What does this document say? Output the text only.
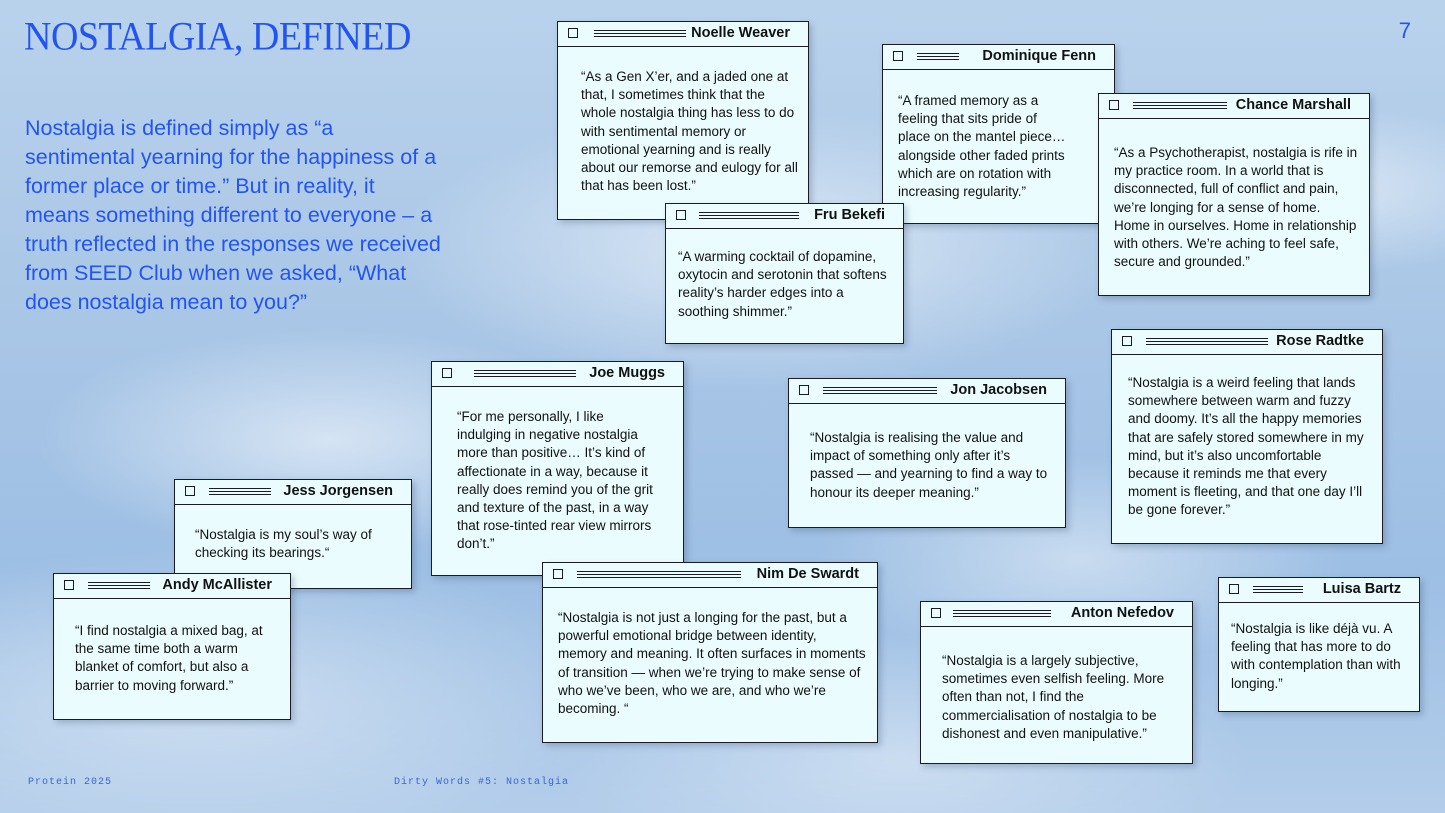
NOSTALGIA, DEFINED	7

Nostalgia is defined simply as “a sentimental yearning for the happiness of a former place or time.” But in reality, it means something different to everyone – a truth reflected in the responses we received from SEED Club when we asked, “What does nostalgia mean to you?”

Noelle Weaver

“As a Gen X’er, and a jaded one at that, I sometimes think that the whole nostalgia thing has less to do with sentimental memory or emotional yearning and is really about our remorse and eulogy for all that has been lost.”

Dominique Fenn

“A framed memory as a feeling that sits pride of place on the mantel piece… alongside other faded prints which are on rotation with increasing regularity.”

Chance Marshall

“As a Psychotherapist, nostalgia is rife in my practice room. In a world that is disconnected, full of conflict and pain, we’re longing for a sense of home. Home in ourselves. Home in relationship with others. We’re aching to feel safe, secure and grounded.”

Fru Bekefi

“A warming cocktail of dopamine, oxytocin and serotonin that softens reality’s harder edges into a soothing shimmer.”

Rose Radtke

“Nostalgia is a weird feeling that lands somewhere between warm and fuzzy and doomy. It’s all the happy memories that are safely stored somewhere in my mind, but it’s also uncomfortable because it reminds me that every moment is fleeting, and that one day I’ll be gone forever.”

Joe Muggs

“For me personally, I like indulging in negative nostalgia more than positive… It’s kind of affectionate in a way, because it really does remind you of the grit and texture of the past, in a way that rose-tinted rear view mirrors don’t.”

Jon Jacobsen

“Nostalgia is realising the value and impact of something only after it’s passed — and yearning to find a way to honour its deeper meaning.”

Jess Jorgensen

“Nostalgia is my soul’s way of checking its bearings.“

Andy McAllister

“I find nostalgia a mixed bag, at the same time both a warm blanket of comfort, but also a barrier to moving forward.”

Nim De Swardt

“Nostalgia is not just a longing for the past, but a powerful emotional bridge between identity, memory and meaning. It often surfaces in moments of transition — when we’re trying to make sense of who we’ve been, who we are, and who we’re becoming. “

Anton Nefedov

“Nostalgia is a largely subjective, sometimes even selfish feeling. More often than not, I find the commercialisation of nostalgia to be dishonest and even manipulative.”

Luisa Bartz

“Nostalgia is like déjà vu. A feeling that has more to do with contemplation than with longing.”

Protein 2025	Dirty Words #5: Nostalgia
